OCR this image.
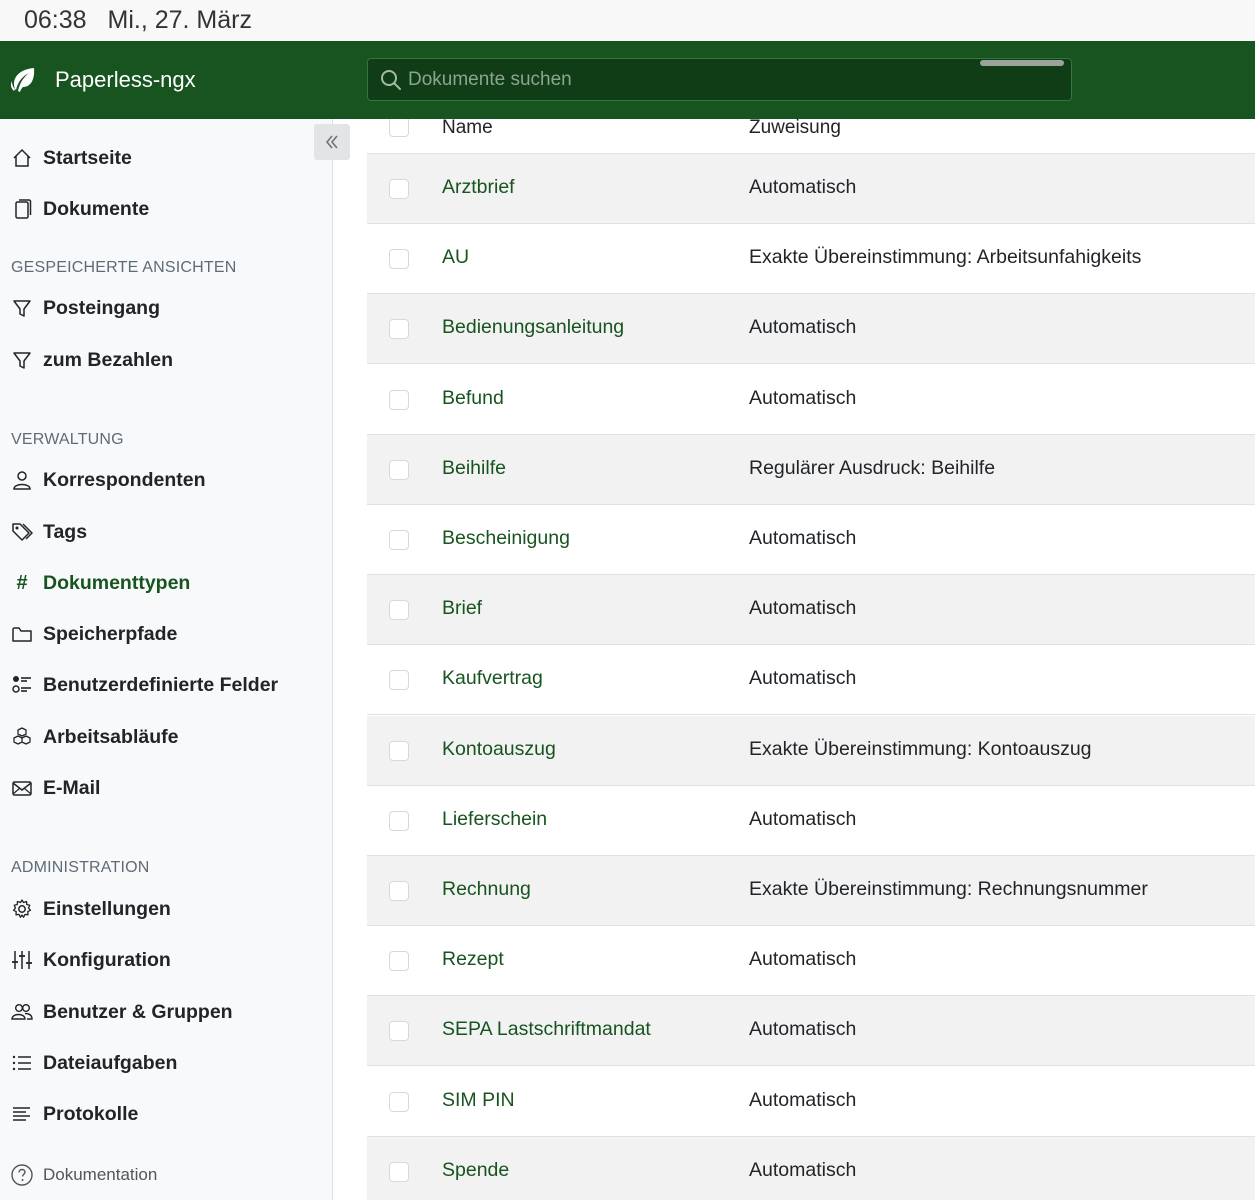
06:38 Mi., 27. März
Paperless-ngx
Dokumente suchen
Startseite
Dokumente
GESPEICHERTE ANSICHTEN
Posteingang
zum Bezahlen
VERWALTUNG
Korrespondenten
Tags
# Dokumenttypen
Speicherpfade
Benutzerdefinierte Felder
Arbeitsabläufe
E-Mail
ADMINISTRATION
Einstellungen
Konfiguration
Benutzer & Gruppen
Dateiaufgaben
Protokolle
Dokumentation
Name	Zuweisung
Arztbrief	Automatisch
AU	Exakte Übereinstimmung: Arbeitsunfahigkeits
Bedienungsanleitung	Automatisch
Befund	Automatisch
Beihilfe	Regulärer Ausdruck: Beihilfe
Bescheinigung	Automatisch
Brief	Automatisch
Kaufvertrag	Automatisch
Kontoauszug	Exakte Übereinstimmung: Kontoauszug
Lieferschein	Automatisch
Rechnung	Exakte Übereinstimmung: Rechnungsnummer
Rezept	Automatisch
SEPA Lastschriftmandat	Automatisch
SIM PIN	Automatisch
Spende	Automatisch
